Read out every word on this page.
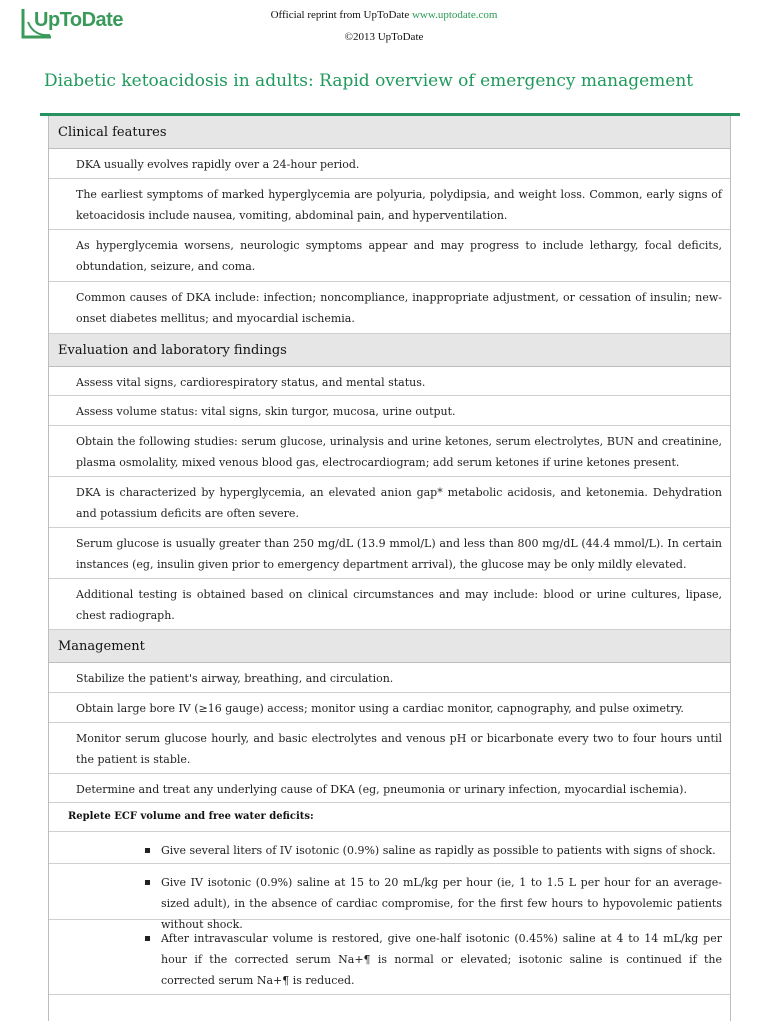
UpToDate	Official reprint from UpToDate www.uptodate.com
©2013 UpToDate
Diabetic ketoacidosis in adults: Rapid overview of emergency management
Clinical features
DKA usually evolves rapidly over a 24-hour period.
The earliest symptoms of marked hyperglycemia are polyuria, polydipsia, and weight loss. Common, early signs of ketoacidosis include nausea, vomiting, abdominal pain, and hyperventilation.
As hyperglycemia worsens, neurologic symptoms appear and may progress to include lethargy, focal deficits, obtundation, seizure, and coma.
Common causes of DKA include: infection; noncompliance, inappropriate adjustment, or cessation of insulin; new-onset diabetes mellitus; and myocardial ischemia.
Evaluation and laboratory findings
Assess vital signs, cardiorespiratory status, and mental status.
Assess volume status: vital signs, skin turgor, mucosa, urine output.
Obtain the following studies: serum glucose, urinalysis and urine ketones, serum electrolytes, BUN and creatinine, plasma osmolality, mixed venous blood gas, electrocardiogram; add serum ketones if urine ketones present.
DKA is characterized by hyperglycemia, an elevated anion gap* metabolic acidosis, and ketonemia. Dehydration and potassium deficits are often severe.
Serum glucose is usually greater than 250 mg/dL (13.9 mmol/L) and less than 800 mg/dL (44.4 mmol/L). In certain instances (eg, insulin given prior to emergency department arrival), the glucose may be only mildly elevated.
Additional testing is obtained based on clinical circumstances and may include: blood or urine cultures, lipase, chest radiograph.
Management
Stabilize the patient's airway, breathing, and circulation.
Obtain large bore IV (≥16 gauge) access; monitor using a cardiac monitor, capnography, and pulse oximetry.
Monitor serum glucose hourly, and basic electrolytes and venous pH or bicarbonate every two to four hours until the patient is stable.
Determine and treat any underlying cause of DKA (eg, pneumonia or urinary infection, myocardial ischemia).
Replete ECF volume and free water deficits:
Give several liters of IV isotonic (0.9%) saline as rapidly as possible to patients with signs of shock.
Give IV isotonic (0.9%) saline at 15 to 20 mL/kg per hour (ie, 1 to 1.5 L per hour for an average-sized adult), in the absence of cardiac compromise, for the first few hours to hypovolemic patients without shock.
After intravascular volume is restored, give one-half isotonic (0.45%) saline at 4 to 14 mL/kg per hour if the corrected serum Na+¶ is normal or elevated; isotonic saline is continued if the corrected serum Na+¶ is reduced.
